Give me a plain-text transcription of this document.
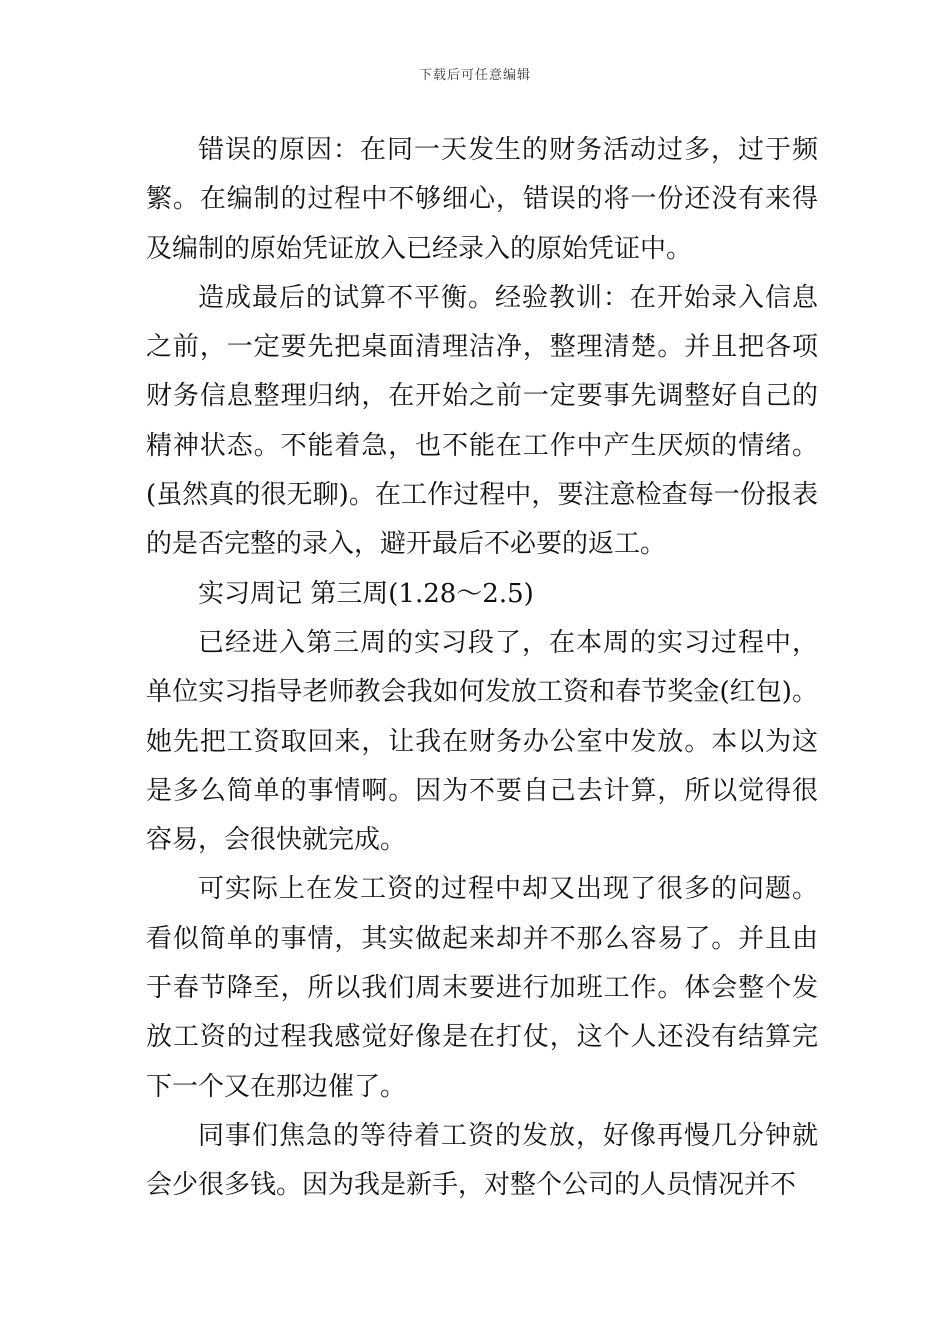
下载后可任意编辑

错误的原因：在同一天发生的财务活动过多，过于频繁。在编制的过程中不够细心，错误的将一份还没有来得及编制的原始凭证放入已经录入的原始凭证中。

造成最后的试算不平衡。经验教训：在开始录入信息之前，一定要先把桌面清理洁净，整理清楚。并且把各项财务信息整理归纳，在开始之前一定要事先调整好自己的精神状态。不能着急，也不能在工作中产生厌烦的情绪。(虽然真的很无聊)。在工作过程中，要注意检查每一份报表的是否完整的录入，避开最后不必要的返工。

实习周记 第三周(1.28～2.5)

已经进入第三周的实习段了，在本周的实习过程中，单位实习指导老师教会我如何发放工资和春节奖金(红包)。她先把工资取回来，让我在财务办公室中发放。本以为这是多么简单的事情啊。因为不要自己去计算，所以觉得很容易，会很快就完成。

可实际上在发工资的过程中却又出现了很多的问题。看似简单的事情，其实做起来却并不那么容易了。并且由于春节降至，所以我们周末要进行加班工作。体会整个发放工资的过程我感觉好像是在打仗，这个人还没有结算完下一个又在那边催了。

同事们焦急的等待着工资的发放，好像再慢几分钟就会少很多钱。因为我是新手，对整个公司的人员情况并不
